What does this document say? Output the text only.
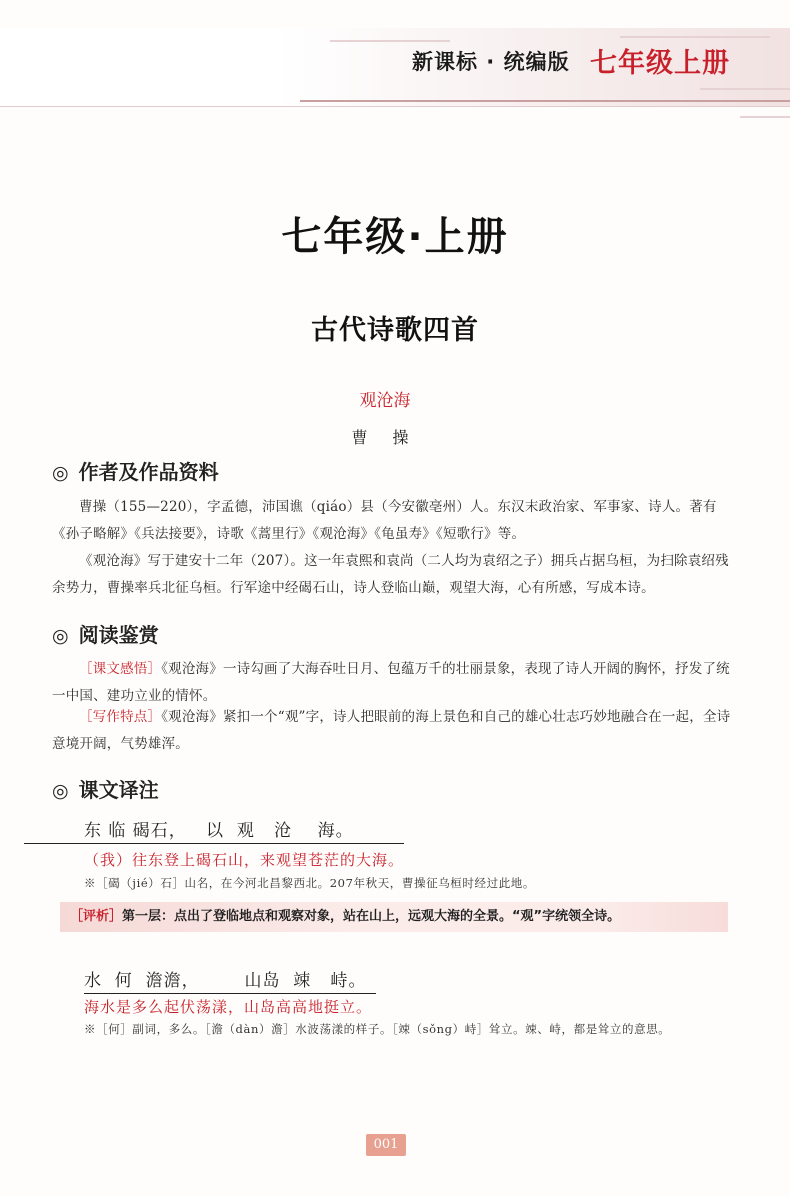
新课标 · 统编版 七年级上册
七年级·上册
古代诗歌四首
观沧海
曹 操
◎ 作者及作品资料

曹操（155—220），字孟德，沛国谯（qiáo）县（今安徽亳州）人。东汉末政治家、军事家、诗人。著有《孙子略解》《兵法接要》，诗歌《蒿里行》《观沧海》《龟虽寿》《短歌行》等。

《观沧海》写于建安十二年（207）。这一年袁熙和袁尚（二人均为袁绍之子）拥兵占据乌桓，为扫除袁绍残余势力，曹操率兵北征乌桓。行军途中经碣石山，诗人登临山巅，观望大海，心有所感，写成本诗。

◎ 阅读鉴赏

［课文感悟］《观沧海》一诗勾画了大海吞吐日月、包蕴万千的壮丽景象，表现了诗人开阔的胸怀，抒发了统一中国、建功立业的情怀。

［写作特点］《观沧海》紧扣一个“观”字，诗人把眼前的海上景色和自己的雄心壮志巧妙地融合在一起，全诗意境开阔，气势雄浑。

◎ 课文译注
东 临 碣石，   以  观   沧    海。
（我）往东登上碣石山，来观望苍茫的大海。
※［碣（jié）石］山名，在今河北昌黎西北。207年秋天，曹操征乌桓时经过此地。
［评析］第一层：点出了登临地点和观察对象，站在山上，远观大海的全景。“观”字统领全诗。
水  何  澹澹，       山岛  竦   峙。
海水是多么起伏荡漾，山岛高高地挺立。
※［何］副词，多么。［澹（dàn）澹］水波荡漾的样子。［竦（sǒng）峙］耸立。竦、峙，都是耸立的意思。
001
